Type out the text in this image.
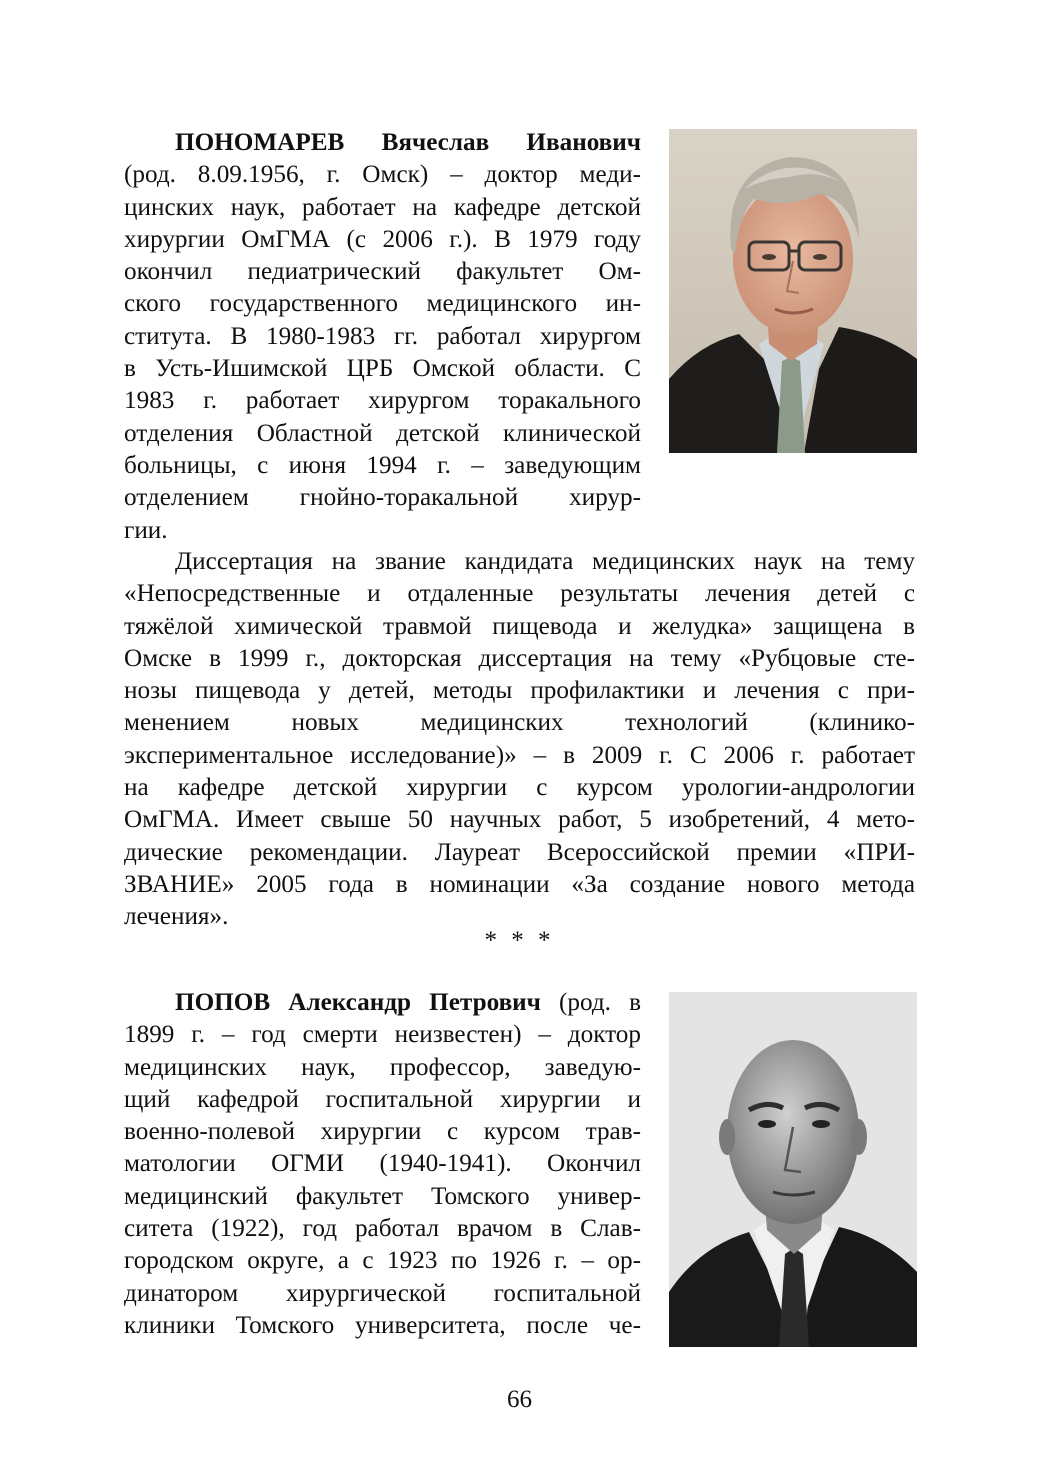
ПОНОМАРЕВ Вячеслав Иванович
(род. 8.09.1956, г. Омск) – доктор меди-
цинских наук, работает на кафедре детской
хирургии ОмГМА (с 2006 г.). В 1979 году
окончил педиатрический факультет Ом-
ского государственного медицинского ин-
ститута. В 1980-1983 гг. работал хирургом
в Усть-Ишимской ЦРБ Омской области. С
1983 г. работает хирургом торакального
отделения Областной детской клинической
больницы, с июня 1994 г. – заведующим
отделением гнойно-торакальной хирур-
гии.
Диссертация на звание кандидата медицинских наук на тему
«Непосредственные и отдаленные результаты лечения детей с
тяжёлой химической травмой пищевода и желудка» защищена в
Омске в 1999 г., докторская диссертация на тему «Рубцовые сте-
нозы пищевода у детей, методы профилактики и лечения с при-
менением новых медицинских технологий (клинико-
экспериментальное исследование)» – в 2009 г. С 2006 г. работает
на кафедре детской хирургии с курсом урологии-андрологии
ОмГМА. Имеет свыше 50 научных работ, 5 изобретений, 4 мето-
дические рекомендации. Лауреат Всероссийской премии «ПРИ-
ЗВАНИЕ» 2005 года в номинации «За создание нового метода
лечения».
* * *
ПОПОВ Александр Петрович (род. в
1899 г. – год смерти неизвестен) – доктор
медицинских наук, профессор, заведую-
щий кафедрой госпитальной хирургии и
военно-полевой хирургии с курсом трав-
матологии ОГМИ (1940-1941). Окончил
медицинский факультет Томского универ-
ситета (1922), год работал врачом в Слав-
городском округе, а с 1923 по 1926 г. – ор-
динатором хирургической госпитальной
клиники Томского университета, после че-
66
